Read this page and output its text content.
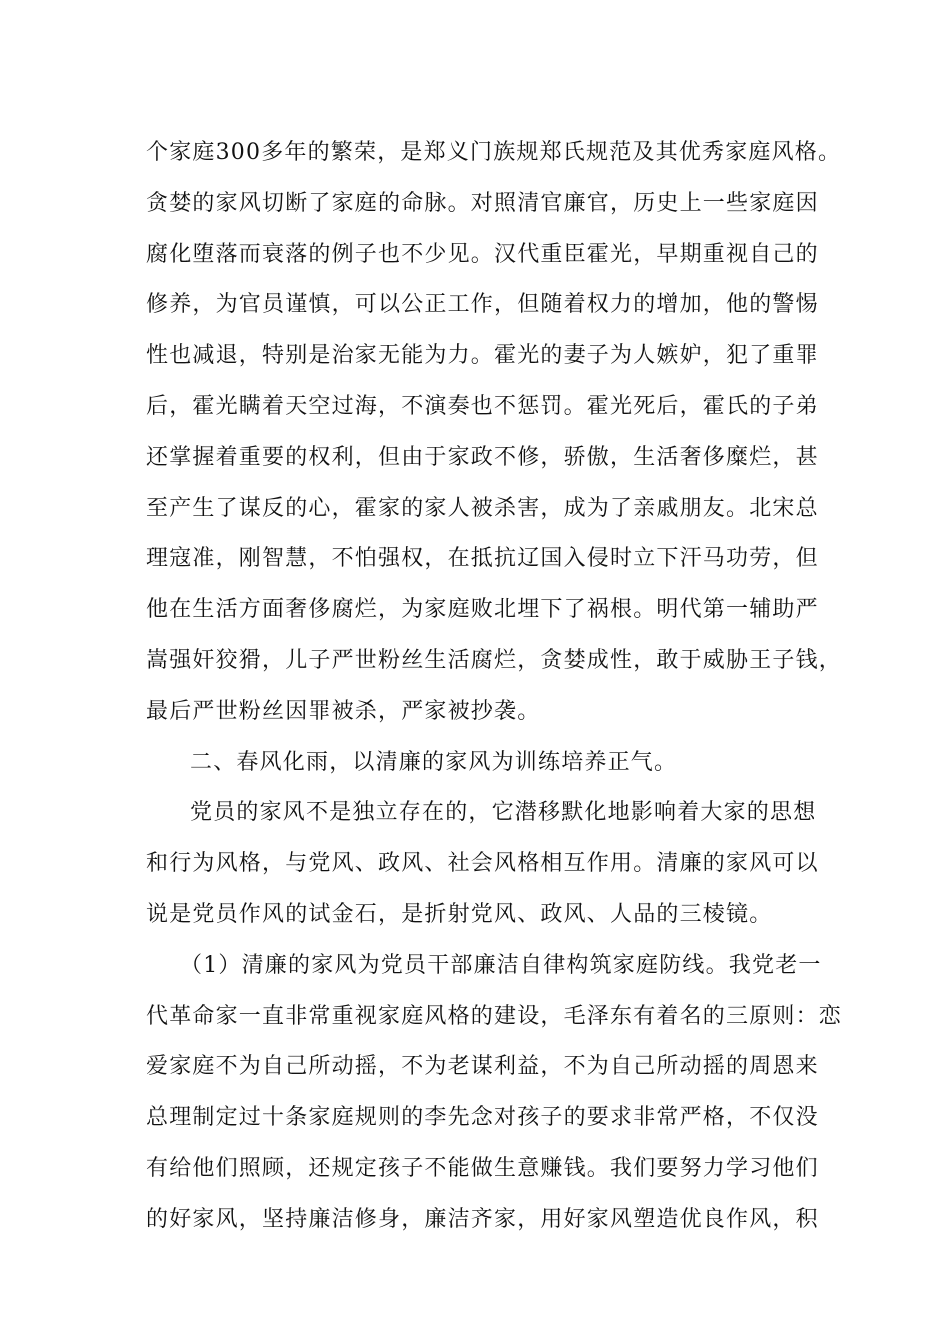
个家庭300多年的繁荣，是郑义门族规郑氏规范及其优秀家庭风格。
贪婪的家风切断了家庭的命脉。对照清官廉官，历史上一些家庭因
腐化堕落而衰落的例子也不少见。汉代重臣霍光，早期重视自己的
修养，为官员谨慎，可以公正工作，但随着权力的增加，他的警惕
性也减退，特别是治家无能为力。霍光的妻子为人嫉妒，犯了重罪
后，霍光瞒着天空过海，不演奏也不惩罚。霍光死后，霍氏的子弟
还掌握着重要的权利，但由于家政不修，骄傲，生活奢侈糜烂，甚
至产生了谋反的心，霍家的家人被杀害，成为了亲戚朋友。北宋总
理寇准，刚智慧，不怕强权，在抵抗辽国入侵时立下汗马功劳，但
他在生活方面奢侈腐烂，为家庭败北埋下了祸根。明代第一辅助严
嵩强奸狡猾，儿子严世粉丝生活腐烂，贪婪成性，敢于威胁王子钱，
最后严世粉丝因罪被杀，严家被抄袭。
二、春风化雨，以清廉的家风为训练培养正气。
党员的家风不是独立存在的，它潜移默化地影响着大家的思想
和行为风格，与党风、政风、社会风格相互作用。清廉的家风可以
说是党员作风的试金石，是折射党风、政风、人品的三棱镜。
（1）清廉的家风为党员干部廉洁自律构筑家庭防线。我党老一
代革命家一直非常重视家庭风格的建设，毛泽东有着名的三原则：恋
爱家庭不为自己所动摇，不为老谋利益，不为自己所动摇的周恩来
总理制定过十条家庭规则的李先念对孩子的要求非常严格，不仅没
有给他们照顾，还规定孩子不能做生意赚钱。我们要努力学习他们
的好家风，坚持廉洁修身，廉洁齐家，用好家风塑造优良作风，积
